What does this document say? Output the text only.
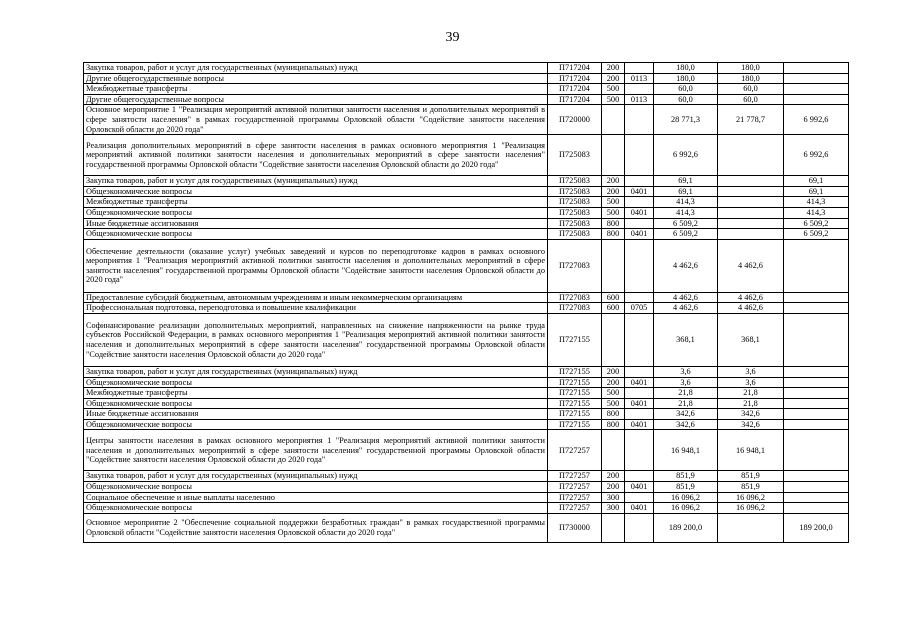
39
Закупка товаров, работ и услуг для государственных (муниципальных) нужд	П717204	200		180,0	180,0	
Другие общегосударственные вопросы	П717204	200	0113	180,0	180,0	
Межбюджетные трансферты	П717204	500		60,0	60,0	
Другие общегосударственные вопросы	П717204	500	0113	60,0	60,0	
Основное мероприятие 1 "Реализация мероприятий активной политики занятости населения и дополнительных мероприятий в сфере занятости населения" в рамках государственной программы Орловской области "Содействие занятости населения Орловской области до 2020 года"	П720000			28 771,3	21 778,7	6 992,6
Реализация дополнительных мероприятий в сфере занятости населения в рамках основного мероприятия 1 "Реализация мероприятий активной политики занятости населения и дополнительных мероприятий в сфере занятости населения" государственной программы Орловской области "Содействие занятости населения Орловской области до 2020 года"	П725083			6 992,6		6 992,6
Закупка товаров, работ и услуг для государственных (муниципальных) нужд	П725083	200		69,1		69,1
Общеэкономические вопросы	П725083	200	0401	69,1		69,1
Межбюджетные трансферты	П725083	500		414,3		414,3
Общеэкономические вопросы	П725083	500	0401	414,3		414,3
Иные бюджетные ассигнования	П725083	800		6 509,2		6 509,2
Общеэкономические вопросы	П725083	800	0401	6 509,2		6 509,2
Обеспечение деятельности (оказание услуг) учебных заведений и курсов по переподготовке кадров в рамках основного мероприятия 1 "Реализация мероприятий активной политики занятости населения и дополнительных мероприятий в сфере занятости населения" государственной программы Орловской области "Содействие занятости населения Орловской области до 2020 года"	П727083			4 462,6	4 462,6	
Предоставление субсидий бюджетным, автономным учреждениям и иным некоммерческим организациям	П727083	600		4 462,6	4 462,6	
Профессиональная подготовка, переподготовка и повышение квалификации	П727083	600	0705	4 462,6	4 462,6	
Софинансирование реализации дополнительных мероприятий, направленных на снижение напряженности на рынке труда субъектов Российской Федерации, в рамках основного мероприятия 1 "Реализация мероприятий активной политики занятости населения и дополнительных мероприятий в сфере занятости населения" государственной программы Орловской области "Содействие занятости населения Орловской области до 2020 года"	П727155			368,1	368,1	
Закупка товаров, работ и услуг для государственных (муниципальных) нужд	П727155	200		3,6	3,6	
Общеэкономические вопросы	П727155	200	0401	3,6	3,6	
Межбюджетные трансферты	П727155	500		21,8	21,8	
Общеэкономические вопросы	П727155	500	0401	21,8	21,8	
Иные бюджетные ассигнования	П727155	800		342,6	342,6	
Общеэкономические вопросы	П727155	800	0401	342,6	342,6	
Центры занятости населения в рамках основного мероприятия 1 "Реализация мероприятий активной политики занятости населения и дополнительных мероприятий в сфере занятости населения" государственной программы Орловской области "Содействие занятости населения Орловской области до 2020 года"	П727257			16 948,1	16 948,1	
Закупка товаров, работ и услуг для государственных (муниципальных) нужд	П727257	200		851,9	851,9	
Общеэкономические вопросы	П727257	200	0401	851,9	851,9	
Социальное обеспечение и иные выплаты населению	П727257	300		16 096,2	16 096,2	
Общеэкономические вопросы	П727257	300	0401	16 096,2	16 096,2	
Основное мероприятие 2 "Обеспечение социальной поддержки безработных граждан" в рамках государственной программы Орловской области "Содействие занятости населения Орловской области до 2020 года"	П730000			189 200,0		189 200,0
